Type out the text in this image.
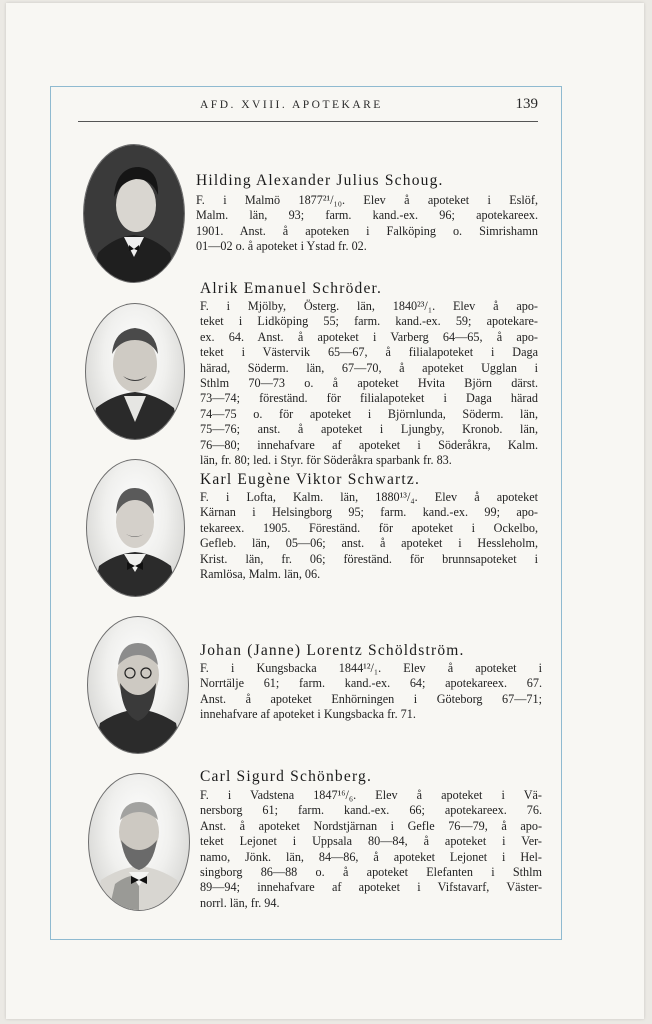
AFD. XVIII. APOTEKARE	139
Hilding Alexander Julius Schoug.
F. i Malmö 1877²¹/₁₀. Elev å apoteket i Eslöf,
Malm. län, 93; farm. kand.-ex. 96; apotekareex.
1901. Anst. å apoteken i Falköping o. Simrishamn
01—02 o. å apoteket i Ystad fr. 02.
Alrik Emanuel Schröder.
F. i Mjölby, Österg. län, 1840²³/₁. Elev å apo-
teket i Lidköping 55; farm. kand.-ex. 59; apotekare-
ex. 64. Anst. å apoteket i Varberg 64—65, å apo-
teket i Västervik 65—67, å filialapoteket i Daga
härad, Söderm. län, 67—70, å apoteket Ugglan i
Sthlm 70—73 o. å apoteket Hvita Björn därst.
73—74; föreständ. för filialapoteket i Daga härad
74—75 o. för apoteket i Björnlunda, Söderm. län,
75—76; anst. å apoteket i Ljungby, Kronob. län,
76—80; innehafvare af apoteket i Söderåkra, Kalm.
län, fr. 80; led. i Styr. för Söderåkra sparbank fr. 83.
Karl Eugène Viktor Schwartz.
F. i Lofta, Kalm. län, 1880¹³/₄. Elev å apoteket
Kärnan i Helsingborg 95; farm. kand.-ex. 99; apo-
tekareex. 1905. Föreständ. för apoteket i Ockelbo,
Gefleb. län, 05—06; anst. å apoteket i Hessleholm,
Krist. län, fr. 06; föreständ. för brunnsapoteket i
Ramlösa, Malm. län, 06.
Johan (Janne) Lorentz Schöldström.
F. i Kungsbacka 1844¹²/₁. Elev å apoteket i
Norrtälje 61; farm. kand.-ex. 64; apotekareex. 67.
Anst. å apoteket Enhörningen i Göteborg 67—71;
innehafvare af apoteket i Kungsbacka fr. 71.
Carl Sigurd Schönberg.
F. i Vadstena 1847¹⁶/₆. Elev å apoteket i Vä-
nersborg 61; farm. kand.-ex. 66; apotekareex. 76.
Anst. å apoteket Nordstjärnan i Gefle 76—79, å apo-
teket Lejonet i Uppsala 80—84, å apoteket i Ver-
namo, Jönk. län, 84—86, å apoteket Lejonet i Hel-
singborg 86—88 o. å apoteket Elefanten i Sthlm
89—94; innehafvare af apoteket i Vifstavarf, Väster-
norrl. län, fr. 94.
